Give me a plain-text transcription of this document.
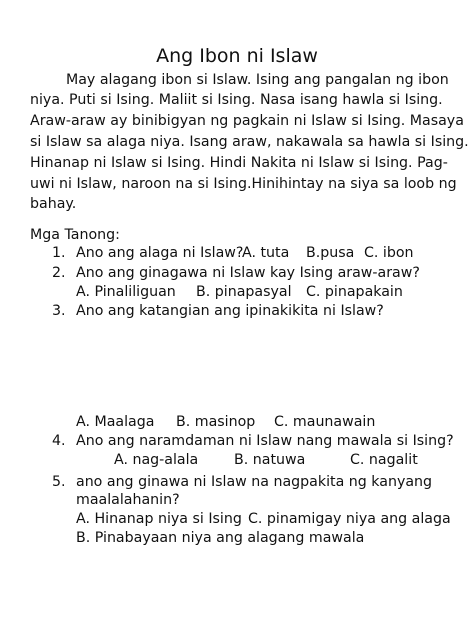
Ang Ibon ni Islaw
May alagang ibon si Islaw. Ising ang pangalan ng ibon
niya. Puti si Ising. Maliit si Ising. Nasa isang hawla si Ising.
Araw-araw ay binibigyan ng pagkain ni Islaw si Ising. Masaya
si Islaw sa alaga niya. Isang araw, nakawala sa hawla si Ising.
Hinanap ni Islaw si Ising. Hindi Nakita ni Islaw si Ising. Pag-
uwi ni Islaw, naroon na si Ising.Hinihintay na siya sa loob ng
bahay.
Mga Tanong:
1. Ano ang alaga ni Islaw?
A. tuta B.pusa C. ibon
2. Ano ang ginagawa ni Islaw kay Ising araw-araw?
A. Pinaliliguan B. pinapasyal C. pinapakain
3. Ano ang katangian ang ipinakikita ni Islaw?
A. Maalaga B. masinop C. maunawain
4. Ano ang naramdaman ni Islaw nang mawala si Ising?
A. nag-alala	B. natuwa	C. nagalit
5. ano ang ginawa ni Islaw na nagpakita ng kanyang
maalalahanin?
A. Hinanap niya si Ising C. pinamigay niya ang alaga
B. Pinabayaan niya ang alagang mawala
